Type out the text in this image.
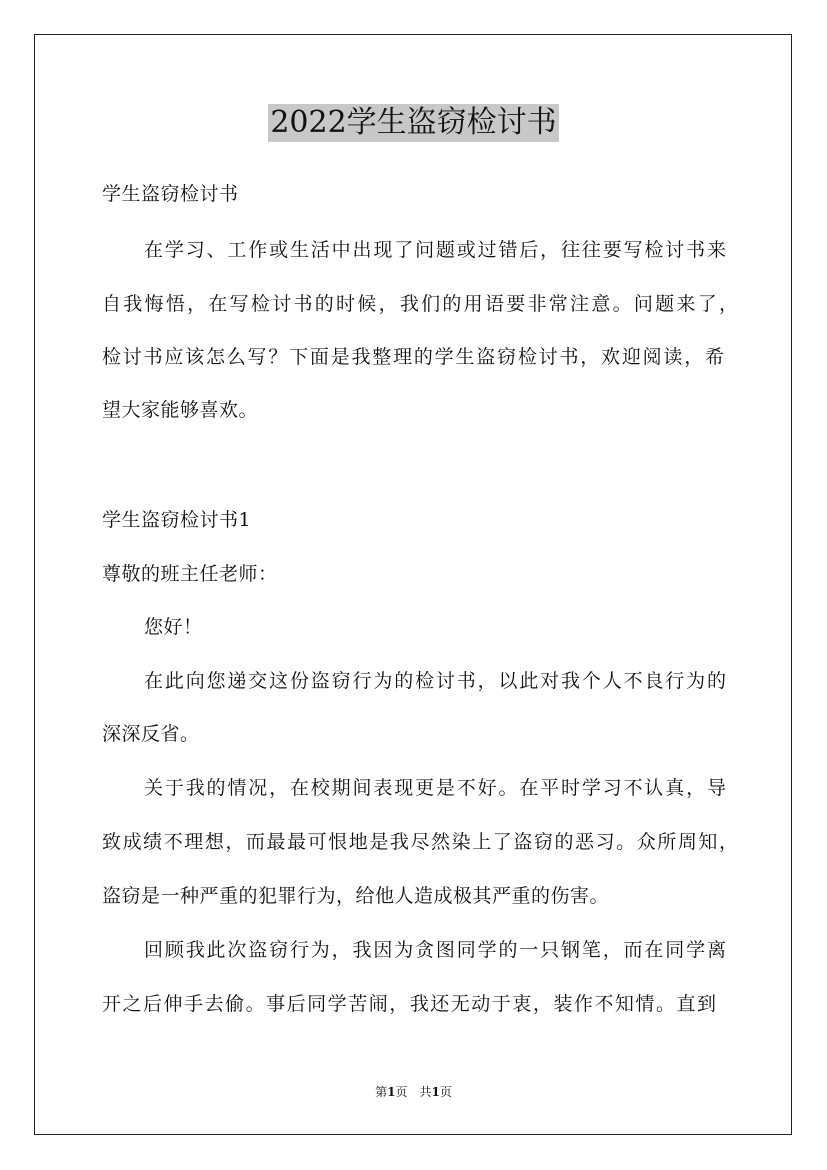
2022学生盗窃检讨书
学生盗窃检讨书
在学习、工作或生活中出现了问题或过错后，往往要写检讨书来
自我悔悟，在写检讨书的时候，我们的用语要非常注意。问题来了，
检讨书应该怎么写？下面是我整理的学生盗窃检讨书，欢迎阅读，希
望大家能够喜欢。
学生盗窃检讨书1
尊敬的班主任老师：
您好！
在此向您递交这份盗窃行为的检讨书，以此对我个人不良行为的
深深反省。
关于我的情况，在校期间表现更是不好。在平时学习不认真，导
致成绩不理想，而最最可恨地是我尽然染上了盗窃的恶习。众所周知，
盗窃是一种严重的犯罪行为，给他人造成极其严重的伤害。
回顾我此次盗窃行为，我因为贪图同学的一只钢笔，而在同学离
开之后伸手去偷。事后同学苦闹，我还无动于衷，装作不知情。直到
第1页　共1页
